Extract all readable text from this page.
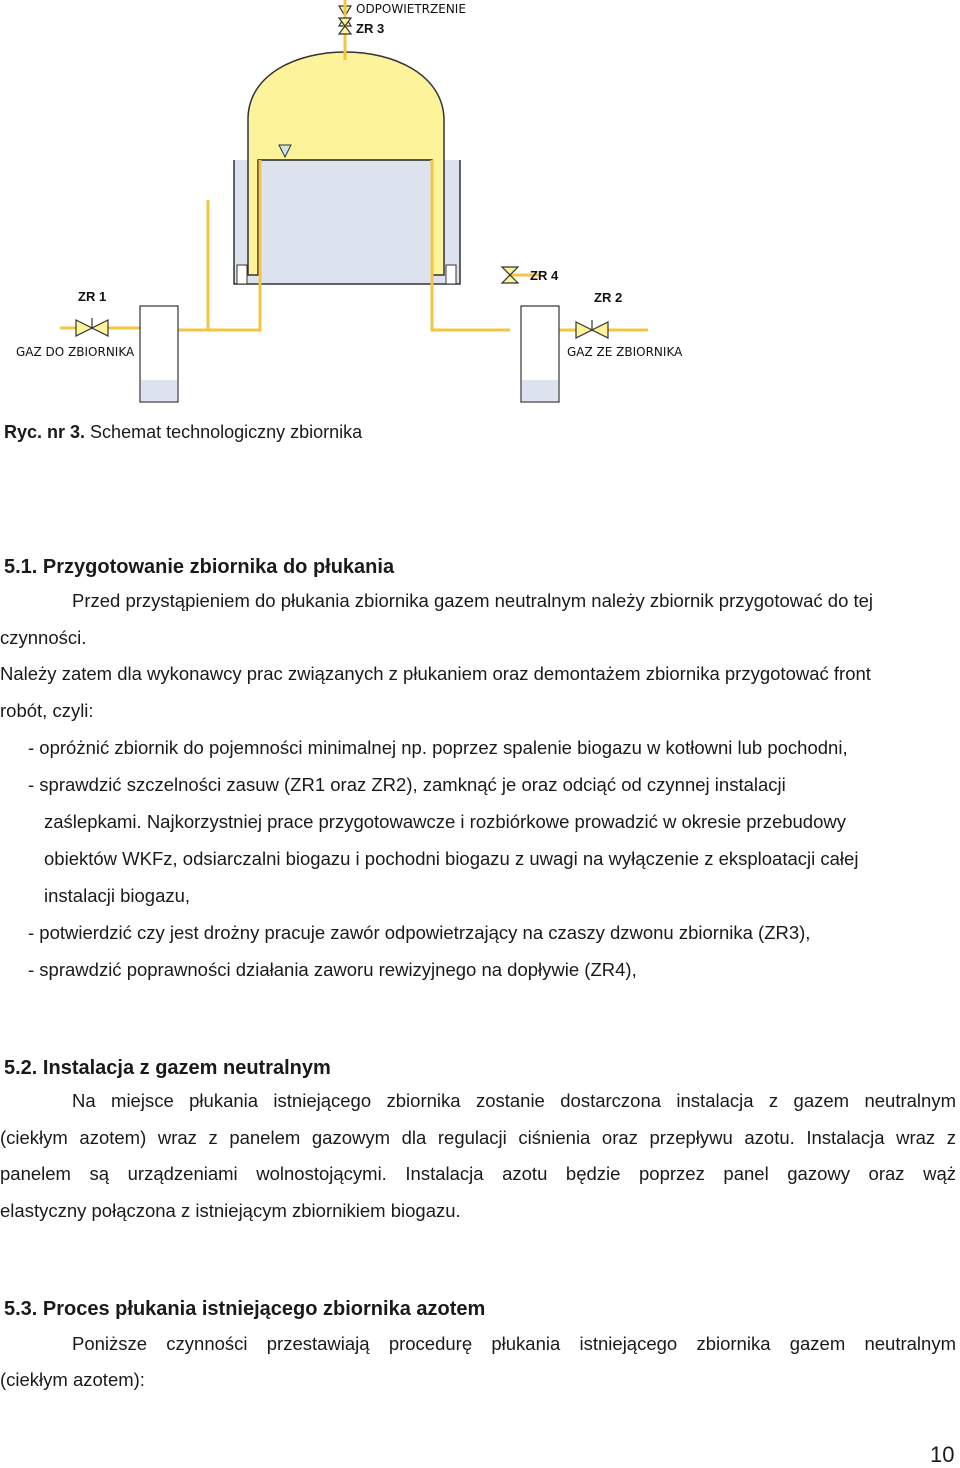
ODPOWIETRZENIE
ZR 3
ZR 1
GAZ DO ZBIORNIKA
ZR 4
ZR 2
GAZ ZE ZBIORNIKA
Ryc. nr 3. Schemat technologiczny zbiornika
5.1. Przygotowanie zbiornika do płukania
Przed przystąpieniem do płukania zbiornika gazem neutralnym należy zbiornik przygotować do tej
czynności.
Należy zatem dla wykonawcy prac związanych z płukaniem oraz demontażem zbiornika przygotować front
robót, czyli:
- opróżnić zbiornik do pojemności minimalnej np. poprzez spalenie biogazu w kotłowni lub pochodni,
- sprawdzić szczelności zasuw (ZR1 oraz ZR2), zamknąć je oraz odciąć od czynnej instalacji
zaślepkami. Najkorzystniej prace przygotowawcze i rozbiórkowe prowadzić w okresie przebudowy
obiektów WKFz, odsiarczalni biogazu i pochodni biogazu z uwagi na wyłączenie z eksploatacji całej
instalacji biogazu,
- potwierdzić czy jest drożny pracuje zawór odpowietrzający na czaszy dzwonu zbiornika (ZR3),
- sprawdzić poprawności działania zaworu rewizyjnego na dopływie (ZR4),
5.2. Instalacja z gazem neutralnym
Na miejsce płukania istniejącego zbiornika zostanie dostarczona instalacja z gazem neutralnym
(ciekłym azotem) wraz z panelem gazowym dla regulacji ciśnienia oraz przepływu azotu. Instalacja wraz z
panelem są urządzeniami wolnostojącymi. Instalacja azotu będzie poprzez panel gazowy oraz wąż
elastyczny połączona z istniejącym zbiornikiem biogazu.
5.3. Proces płukania istniejącego zbiornika azotem
Poniższe czynności przestawiają procedurę płukania istniejącego zbiornika gazem neutralnym
(ciekłym azotem):
10
